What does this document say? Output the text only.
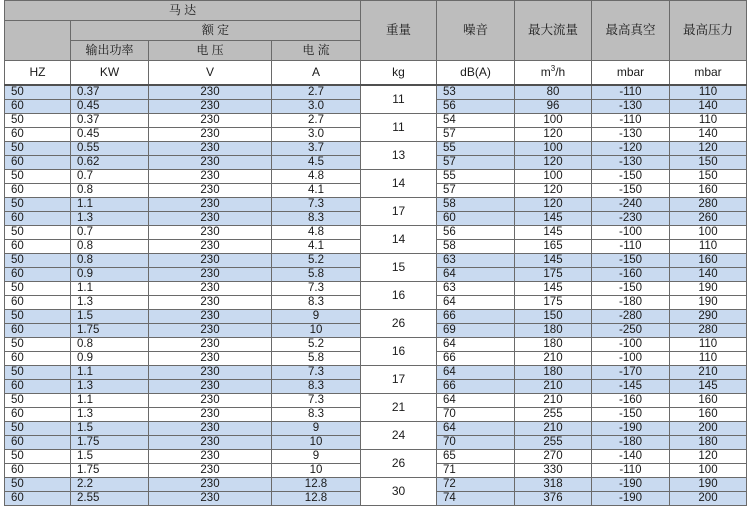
马 达				重量	噪音	最大流量	最高真空	最高压力
	额 定							
	输出功率	电 压	电 流					
HZ	KW	V	A	kg	dB(A)	$m^3/h$	mbar	mbar
50	0.37	230	2.7	11	53	80	-110	110
60	0.45	230	3.0		56	96	-130	140
50	0.37	230	2.7	11	54	100	-110	110
60	0.45	230	3.0		57	120	-130	140
50	0.55	230	3.7	13	55	100	-120	120
60	0.62	230	4.5		57	120	-130	150
50	0.7	230	4.8	14	55	100	-150	150
60	0.8	230	4.1		57	120	-150	160
50	1.1	230	7.3	17	58	120	-240	280
60	1.3	230	8.3		60	145	-230	260
50	0.7	230	4.8	14	56	145	-100	100
60	0.8	230	4.1		58	165	-110	110
50	0.8	230	5.2	15	63	145	-150	160
60	0.9	230	5.8		64	175	-160	140
50	1.1	230	7.3	16	63	145	-150	190
60	1.3	230	8.3		64	175	-180	190
50	1.5	230	9	26	66	150	-280	290
60	1.75	230	10		69	180	-250	280
50	0.8	230	5.2	16	64	180	-100	110
60	0.9	230	5.8		66	210	-100	110
50	1.1	230	7.3	17	64	180	-170	210
60	1.3	230	8.3		66	210	-145	145
50	1.1	230	7.3	21	64	210	-160	160
60	1.3	230	8.3		70	255	-150	160
50	1.5	230	9	24	64	210	-190	200
60	1.75	230	10		70	255	-180	180
50	1.5	230	9	26	65	270	-140	120
60	1.75	230	10		71	330	-110	100
50	2.2	230	12.8	30	72	318	-190	190
60	2.55	230	12.8		74	376	-190	200
